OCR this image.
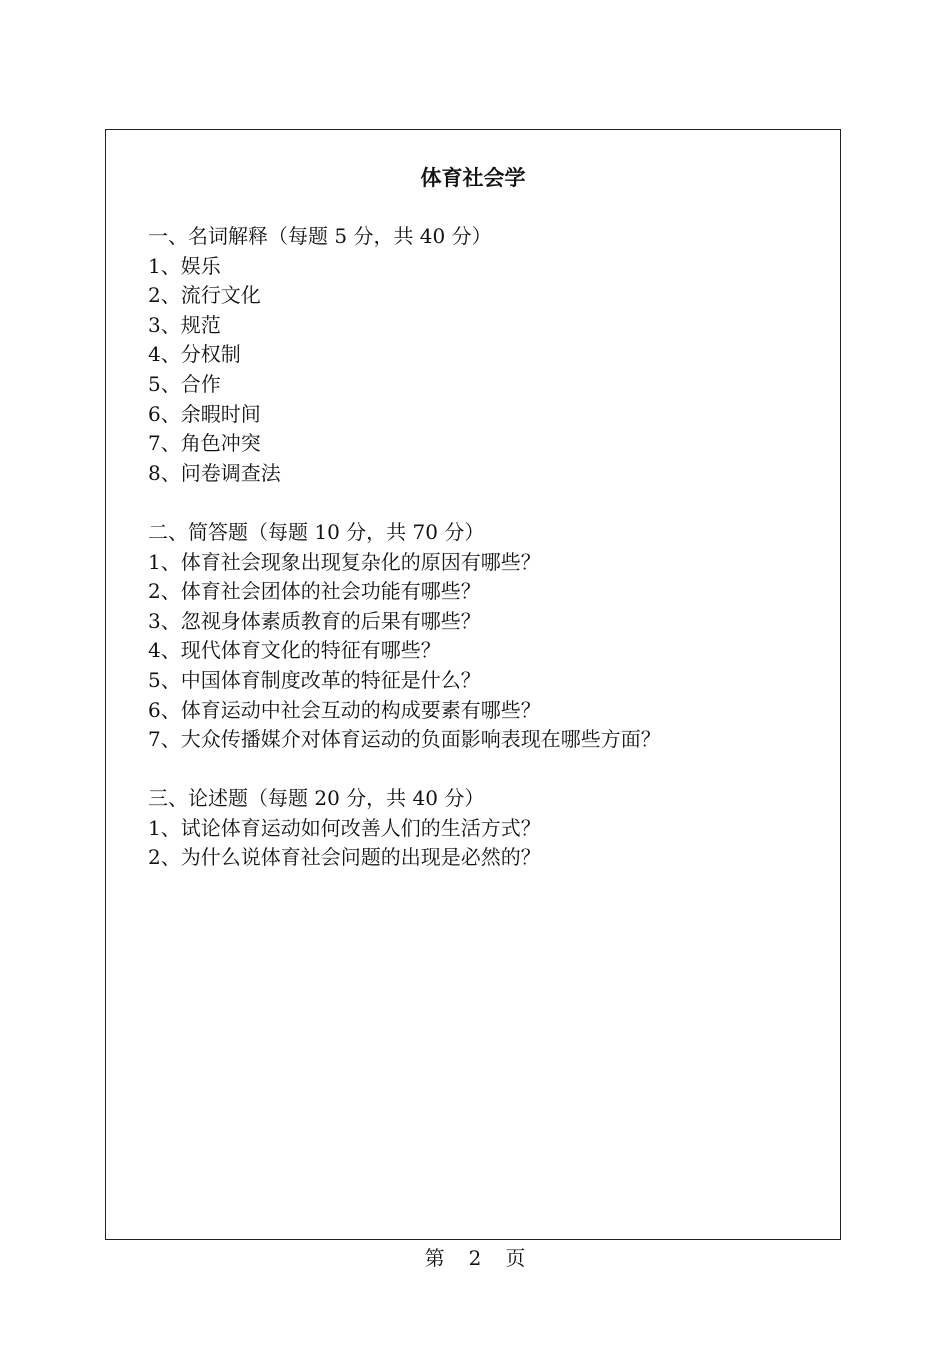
体育社会学
一、名词解释（每题 5 分，共 40 分）
1、娱乐
2、流行文化
3、规范
4、分权制
5、合作
6、余暇时间
7、角色冲突
8、问卷调查法
二、简答题（每题 10 分，共 70 分）
1、体育社会现象出现复杂化的原因有哪些？
2、体育社会团体的社会功能有哪些？
3、忽视身体素质教育的后果有哪些？
4、现代体育文化的特征有哪些？
5、中国体育制度改革的特征是什么？
6、体育运动中社会互动的构成要素有哪些？
7、大众传播媒介对体育运动的负面影响表现在哪些方面？
三、论述题（每题 20 分，共 40 分）
1、试论体育运动如何改善人们的生活方式？
2、为什么说体育社会问题的出现是必然的？
第 2 页
